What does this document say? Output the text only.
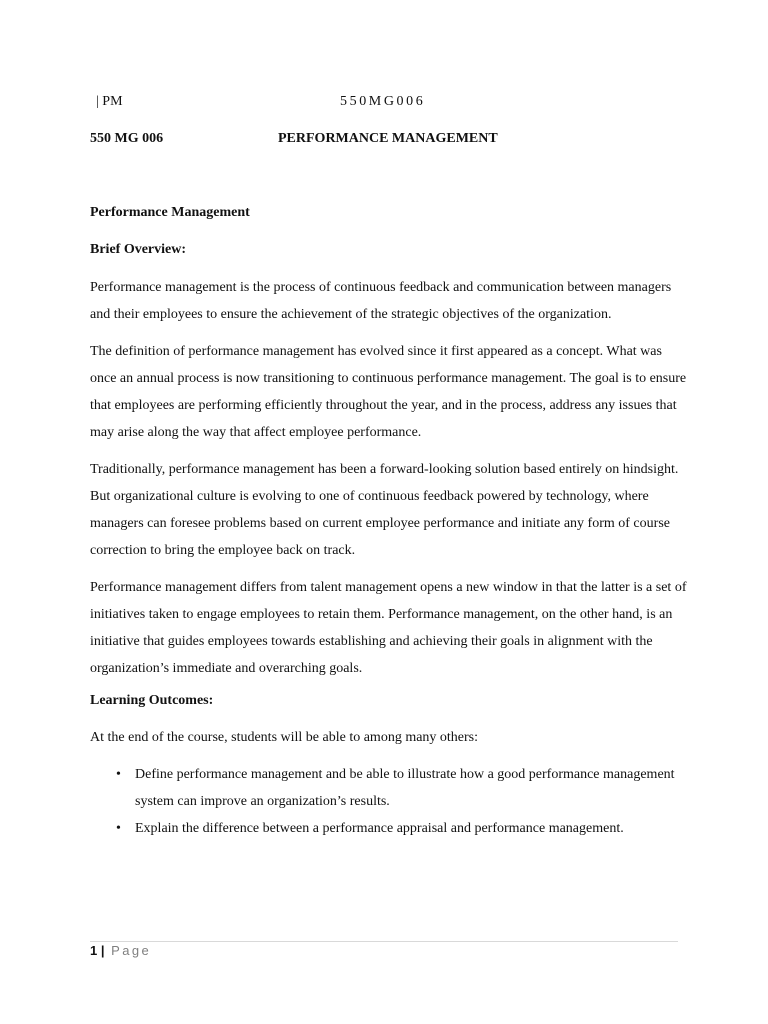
| PM	550MG006
550 MG 006	PERFORMANCE MANAGEMENT

Performance Management

Brief Overview:

Performance management is the process of continuous feedback and communication between managers and their employees to ensure the achievement of the strategic objectives of the organization.

The definition of performance management has evolved since it first appeared as a concept. What was once an annual process is now transitioning to continuous performance management. The goal is to ensure that employees are performing efficiently throughout the year, and in the process, address any issues that may arise along the way that affect employee performance.

Traditionally, performance management has been a forward-looking solution based entirely on hindsight. But organizational culture is evolving to one of continuous feedback powered by technology, where managers can foresee problems based on current employee performance and initiate any form of course correction to bring the employee back on track.

Performance management differs from talent management opens a new window in that the latter is a set of initiatives taken to engage employees to retain them. Performance management, on the other hand, is an initiative that guides employees towards establishing and achieving their goals in alignment with the organization’s immediate and overarching goals.

Learning Outcomes:

At the end of the course, students will be able to among many others:

• Define performance management and be able to illustrate how a good performance management system can improve an organization’s results.
• Explain the difference between a performance appraisal and performance management.
1 | Page
